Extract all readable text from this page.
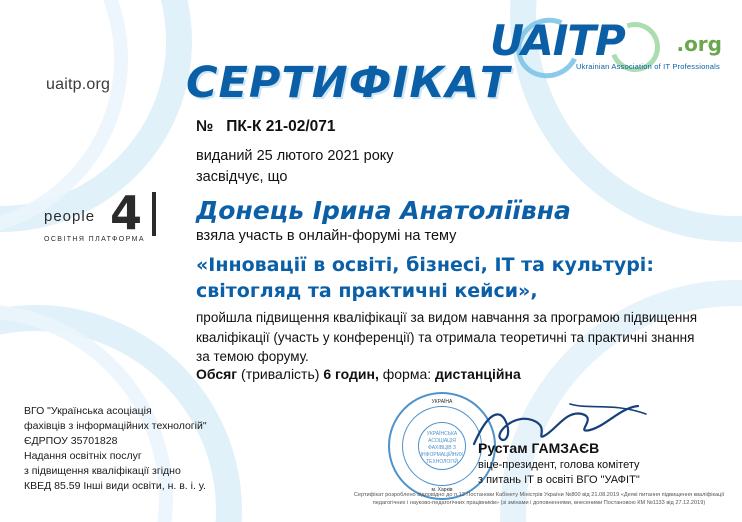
uaitp.org
people 4
ОСВІТНЯ ПЛАТФОРМА
ВГО "Українська асоціація
фахівців з інформаційних технологій"
ЄДРПОУ 35701828
Надання освітніх послуг
з підвищення кваліфікації згідно
КВЕД 85.59 Інші види освіти, н. в. і. у.
UAITP	.org
Ukrainian Association of IT Professionals
СЕРТИФІКАТ
№ ПК-К 21-02/071
виданий 25 лютого 2021 року
засвідчує, що
Донець Ірина Анатоліївна
взяла участь в онлайн-форумі на тему
«Інновації в освіті, бізнесі, ІТ та культурі:
світогляд та практичні кейси»,
пройшла підвищення кваліфікації за видом навчання за програмою підвищення кваліфікації (участь у конференції) та отримала теоретичні та практичні знання за темою форуму.
Обсяг (тривалість) 6 годин, форма: дистанційна
УКРАЇНА
м. Харків
УКРАЇНСЬКА АСОЦІАЦІЯ ФАХІВЦІВ З ІНФОРМАЦІЙНИХ ТЕХНОЛОГІЙ
Рустам ГАМЗАЄВ
віце-президент, голова комітету
з питань ІТ в освіті ВГО "УАФІТ"
Сертифікат розроблено відповідно до п.13 Постанови Кабінету Міністрів України №800 від 21.08.2019 «Деякі питання підвищення кваліфікації
педагогічних і науково-педагогічних працівників» (зі змінами і доповненнями, внесеними Постановою КМ №1133 від 27.12.2019)
